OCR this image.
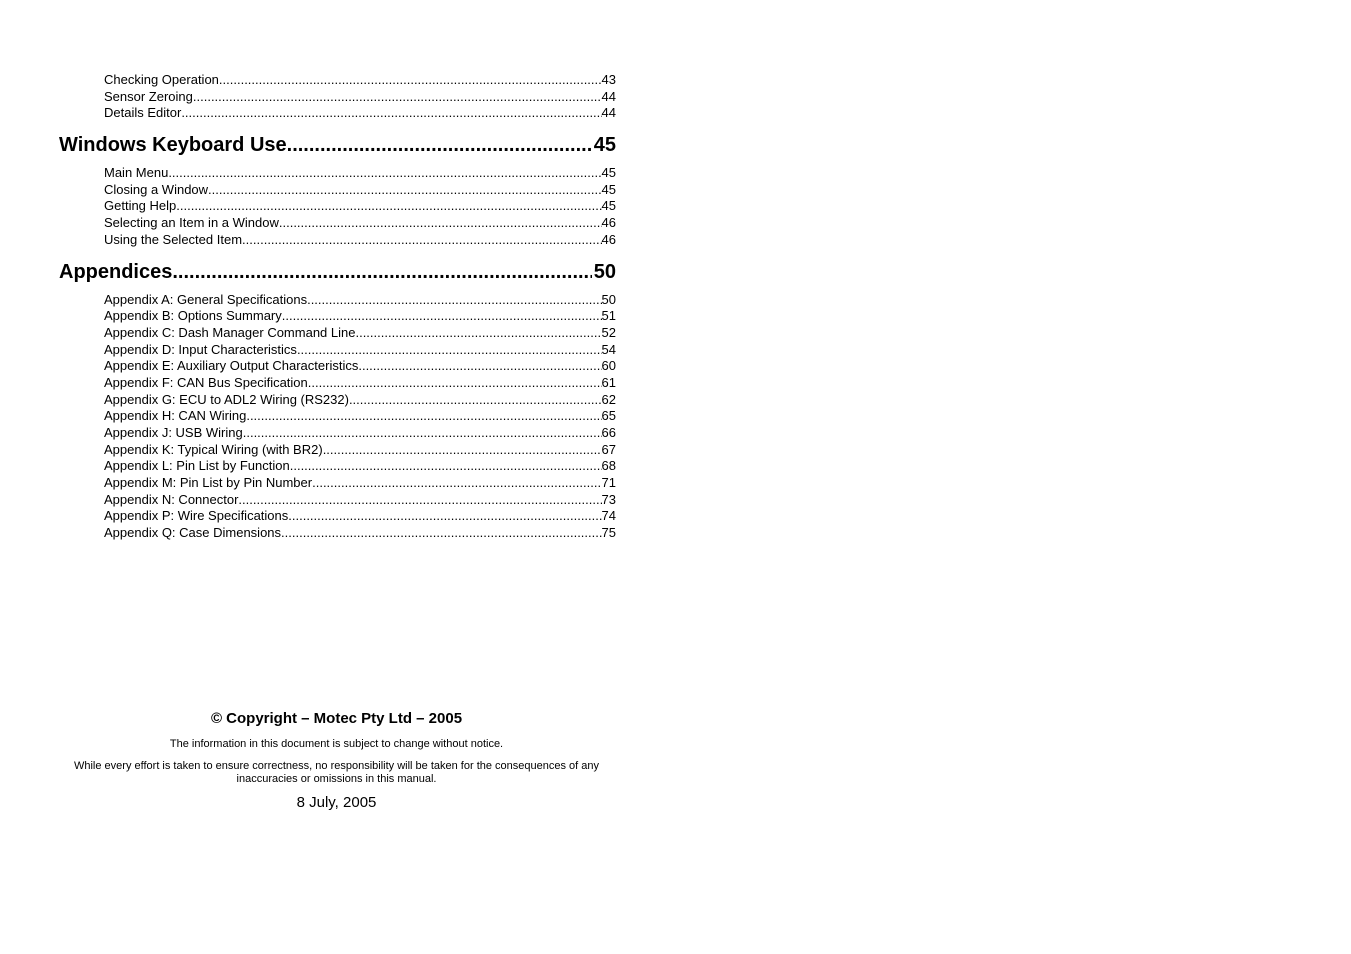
Checking Operation .....	43
Sensor Zeroing .....	44
Details Editor .....	44
Windows Keyboard Use .....	45
Main Menu .....	45
Closing a Window .....	45
Getting Help .....	45
Selecting an Item in a Window .....	46
Using the Selected Item .....	46
Appendices .....	50
Appendix A: General Specifications .....	50
Appendix B: Options Summary .....	51
Appendix C: Dash Manager Command Line .....	52
Appendix D: Input Characteristics .....	54
Appendix E: Auxiliary Output Characteristics .....	60
Appendix F: CAN Bus Specification .....	61
Appendix G: ECU to ADL2 Wiring (RS232) .....	62
Appendix H: CAN Wiring .....	65
Appendix J: USB Wiring .....	66
Appendix K: Typical Wiring (with BR2) .....	67
Appendix L: Pin List by Function .....	68
Appendix M: Pin List by Pin Number .....	71
Appendix N: Connector .....	73
Appendix P: Wire Specifications .....	74
Appendix Q: Case Dimensions .....	75
© Copyright – Motec Pty Ltd – 2005
The information in this document is subject to change without notice.
While every effort is taken to ensure correctness, no responsibility will be taken for the consequences of any inaccuracies or omissions in this manual.
8 July, 2005
